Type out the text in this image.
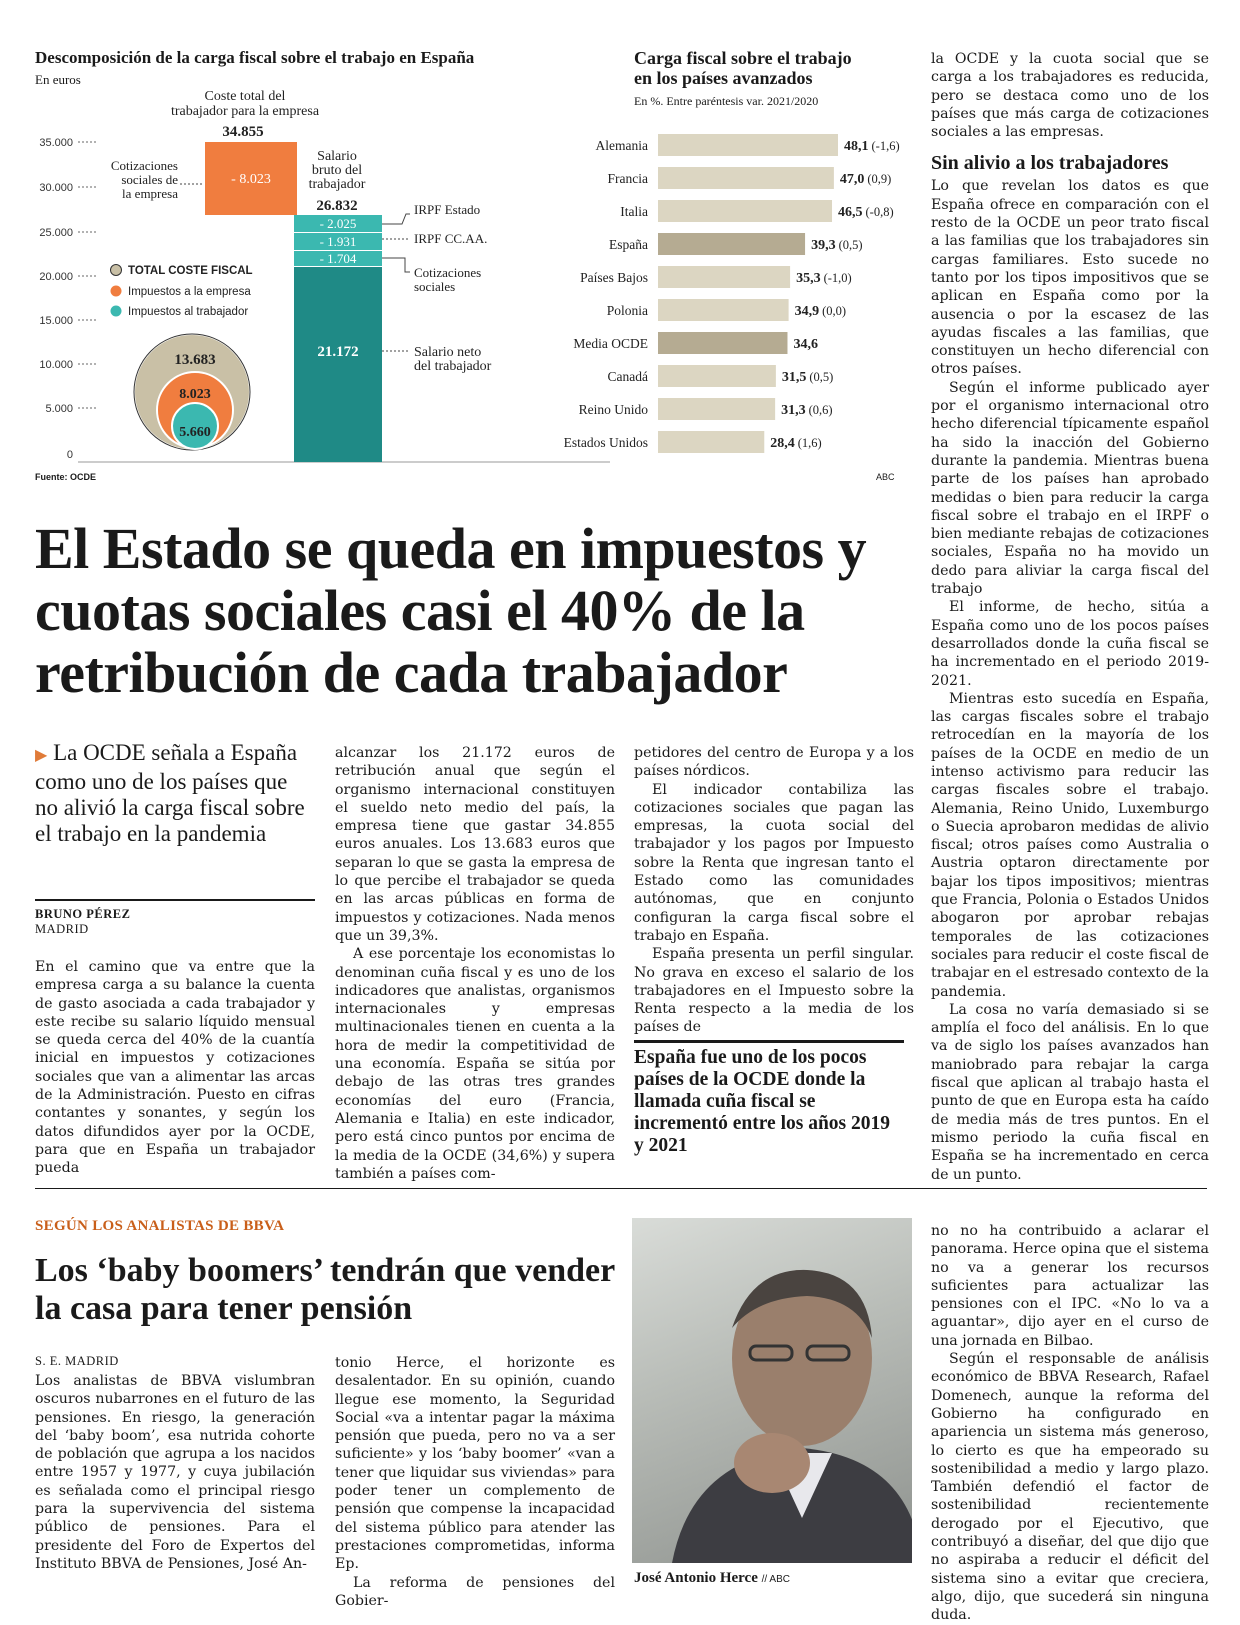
Descomposición de la carga fiscal sobre el trabajo en España
En euros
35.000
30.000
25.000
20.000
15.000
10.000
5.000
0
Coste total del
trabajador para la empresa
34.855
- 8.023
Cotizaciones
sociales de
la empresa
Salario
bruto del
trabajador
26.832
- 2.025
- 1.931
- 1.704
21.172
IRPF Estado
IRPF CC.AA.
Cotizaciones
sociales
Salario neto
del trabajador
TOTAL COSTE FISCAL
Impuestos a la empresa
Impuestos al trabajador
13.683
8.023
5.660
Fuente: OCDE
Carga fiscal sobre el trabajo
en los países avanzados
En %. Entre paréntesis var. 2021/2020
Alemania	48,1 (-1,6)
Francia	47,0 (0,9)
Italia	46,5 (-0,8)
España	39,3 (0,5)
Países Bajos	35,3 (-1,0)
Polonia	34,9 (0,0)
Media OCDE	34,6
Canadá	31,5 (0,5)
Reino Unido	31,3 (0,6)
Estados Unidos	28,4 (1,6)
ABC

la OCDE y la cuota social que se carga a los trabajadores es reducida, pero se destaca como uno de los países que más carga de cotizaciones sociales a las empresas.

Sin alivio a los trabajadores

Lo que revelan los datos es que España ofrece en comparación con el resto de la OCDE un peor trato fiscal a las familias que los trabajadores sin cargas familiares. Esto sucede no tanto por los tipos impositivos que se aplican en España como por la ausencia o por la escasez de las ayudas fiscales a las familias, que constituyen un hecho diferencial con otros países.

Según el informe publicado ayer por el organismo internacional otro hecho diferencial típicamente español ha sido la inacción del Gobierno durante la pandemia. Mientras buena parte de los países han aprobado medidas o bien para reducir la carga fiscal sobre el trabajo en el IRPF o bien mediante rebajas de cotizaciones sociales, España no ha movido un dedo para aliviar la carga fiscal del trabajo

El informe, de hecho, sitúa a España como uno de los pocos países desarrollados donde la cuña fiscal se ha incrementado en el periodo 2019-2021.

Mientras esto sucedía en España, las cargas fiscales sobre el trabajo retrocedían en la mayoría de los países de la OCDE en medio de un intenso activismo para reducir las cargas fiscales sobre el trabajo. Alemania, Reino Unido, Luxemburgo o Suecia aprobaron medidas de alivio fiscal; otros países como Australia o Austria optaron directamente por bajar los tipos impositivos; mientras que Francia, Polonia o Estados Unidos abogaron por aprobar rebajas temporales de las cotizaciones sociales para reducir el coste fiscal de trabajar en el estresado contexto de la pandemia.

La cosa no varía demasiado si se amplía el foco del análisis. En lo que va de siglo los países avanzados han maniobrado para rebajar la carga fiscal que aplican al trabajo hasta el punto de que en Europa esta ha caído de media más de tres puntos. En el mismo periodo la cuña fiscal en España se ha incrementado en cerca de un punto.

El Estado se queda en impuestos y cuotas sociales casi el 40% de la retribución de cada trabajador
▶ La OCDE señala a España como uno de los países que no alivió la carga fiscal sobre el trabajo en la pandemia
BRUNO PÉREZ
MADRID

En el camino que va entre que la empresa carga a su balance la cuenta de gasto asociada a cada trabajador y este recibe su salario líquido mensual se queda cerca del 40% de la cuantía inicial en impuestos y cotizaciones sociales que van a alimentar las arcas de la Administración. Puesto en cifras contantes y sonantes, y según los datos difundidos ayer por la OCDE, para que en España un trabajador pueda

alcanzar los 21.172 euros de retribución anual que según el organismo internacional constituyen el sueldo neto medio del país, la empresa tiene que gastar 34.855 euros anuales. Los 13.683 euros que separan lo que se gasta la empresa de lo que percibe el trabajador se queda en las arcas públicas en forma de impuestos y cotizaciones. Nada menos que un 39,3%.

A ese porcentaje los economistas lo denominan cuña fiscal y es uno de los indicadores que analistas, organismos internacionales y empresas multinacionales tienen en cuenta a la hora de medir la competitividad de una economía. España se sitúa por debajo de las otras tres grandes economías del euro (Francia, Alemania e Italia) en este indicador, pero está cinco puntos por encima de la media de la OCDE (34,6%) y supera también a países com-

petidores del centro de Europa y a los países nórdicos.

El indicador contabiliza las cotizaciones sociales que pagan las empresas, la cuota social del trabajador y los pagos por Impuesto sobre la Renta que ingresan tanto el Estado como las comunidades autónomas, que en conjunto configuran la carga fiscal sobre el trabajo en España.

España presenta un perfil singular. No grava en exceso el salario de los trabajadores en el Impuesto sobre la Renta respecto a la media de los países de

España fue uno de los pocos países de la OCDE donde la llamada cuña fiscal se incrementó entre los años 2019 y 2021
SEGÚN LOS ANALISTAS DE BBVA
Los ‘baby boomers’ tendrán que vender la casa para tener pensión
S. E. MADRID

Los analistas de BBVA vislumbran oscuros nubarrones en el futuro de las pensiones. En riesgo, la generación del ‘baby boom’, esa nutrida cohorte de población que agrupa a los nacidos entre 1957 y 1977, y cuya jubilación es señalada como el principal riesgo para la supervivencia del sistema público de pensiones. Para el presidente del Foro de Expertos del Instituto BBVA de Pensiones, José An-

tonio Herce, el horizonte es desalentador. En su opinión, cuando llegue ese momento, la Seguridad Social «va a intentar pagar la máxima pensión que pueda, pero no va a ser suficiente» y los ‘baby boomer’ «van a tener que liquidar sus viviendas» para poder tener un complemento de pensión que compense la incapacidad del sistema público para atender las prestaciones comprometidas, informa Ep.

La reforma de pensiones del Gobier-

José Antonio Herce // ABC

no no ha contribuido a aclarar el panorama. Herce opina que el sistema no va a generar los recursos suficientes para actualizar las pensiones con el IPC. «No lo va a aguantar», dijo ayer en el curso de una jornada en Bilbao.

Según el responsable de análisis económico de BBVA Research, Rafael Domenech, aunque la reforma del Gobierno ha configurado en apariencia un sistema más generoso, lo cierto es que ha empeorado su sostenibilidad a medio y largo plazo. También defendió el factor de sostenibilidad recientemente derogado por el Ejecutivo, que contribuyó a diseñar, del que dijo que no aspiraba a reducir el déficit del sistema sino a evitar que creciera, algo, dijo, que sucederá sin ninguna duda.
